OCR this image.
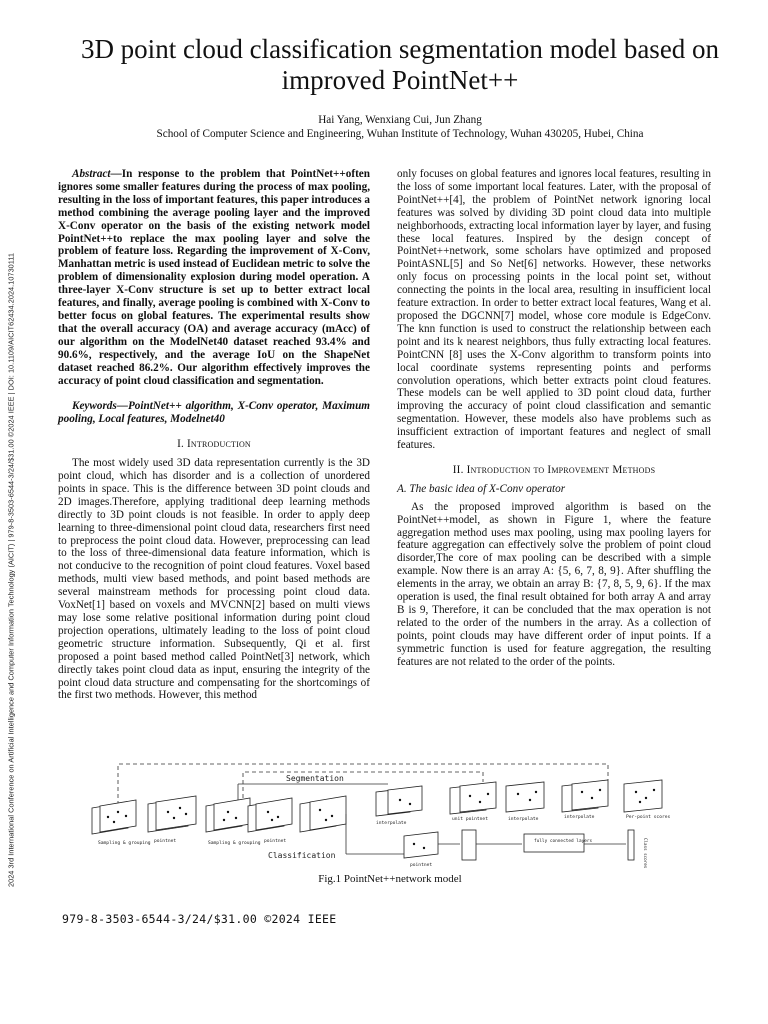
2024 3rd International Conference on Artificial Intelligence and Computer Information Technology (AICIT) | 979-8-3503-6544-3/24/$31.00 ©2024 IEEE | DOI: 10.1109/AICIT62434.2024.10730111
3D point cloud classification segmentation model based on
improved PointNet++
Hai Yang, Wenxiang Cui, Jun Zhang
School of Computer Science and Engineering, Wuhan Institute of Technology, Wuhan 430205, Hubei, China

Abstract—In response to the problem that PointNet++often ignores some smaller features during the process of max pooling, resulting in the loss of important features, this paper introduces a method combining the average pooling layer and the improved X-Conv operator on the basis of the existing network model PointNet++to replace the max pooling layer and solve the problem of feature loss. Regarding the improvement of X-Conv, Manhattan metric is used instead of Euclidean metric to solve the problem of dimensionality explosion during model operation. A three-layer X-Conv structure is set up to better extract local features, and finally, average pooling is combined with X-Conv to better focus on global features. The experimental results show that the overall accuracy (OA) and average accuracy (mAcc) of our algorithm on the ModelNet40 dataset reached 93.4% and 90.6%, respectively, and the average IoU on the ShapeNet dataset reached 86.2%. Our algorithm effectively improves the accuracy of point cloud classification and segmentation.

Keywords—PointNet++ algorithm, X-Conv operator, Maximum pooling, Local features, Modelnet40

I. Introduction

The most widely used 3D data representation currently is the 3D point cloud, which has disorder and is a collection of unordered points in space. This is the difference between 3D point clouds and 2D images.Therefore, applying traditional deep learning methods directly to 3D point clouds is not feasible. In order to apply deep learning to three-dimensional point cloud data, researchers first need to preprocess the point cloud data. However, preprocessing can lead to the loss of three-dimensional data feature information, which is not conducive to the recognition of point cloud features. Voxel based methods, multi view based methods, and point based methods are several mainstream methods for processing point cloud data. VoxNet[1] based on voxels and MVCNN[2] based on multi views may lose some relative positional information during point cloud projection operations, ultimately leading to the loss of point cloud geometric structure information. Subsequently, Qi et al. first proposed a point based method called PointNet[3] network, which directly takes point cloud data as input, ensuring the integrity of the point cloud data structure and compensating for the shortcomings of the first two methods. However, this method

only focuses on global features and ignores local features, resulting in the loss of some important local features. Later, with the proposal of PointNet++[4], the problem of PointNet network ignoring local features was solved by dividing 3D point cloud data into multiple neighborhoods, extracting local information layer by layer, and fusing these local features. Inspired by the design concept of PointNet++network, some scholars have optimized and proposed PointASNL[5] and So Net[6] networks. However, these networks only focus on processing points in the local point set, without connecting the points in the local area, resulting in insufficient local feature extraction. In order to better extract local features, Wang et al. proposed the DGCNN[7] model, whose core module is EdgeConv. The knn function is used to construct the relationship between each point and its k nearest neighbors, thus fully extracting local features. PointCNN [8] uses the X-Conv algorithm to transform points into local coordinate systems representing points and performs convolution operations, which better extracts point cloud features. These models can be well applied to 3D point cloud data, further improving the accuracy of point cloud classification and semantic segmentation. However, these models also have problems such as insufficient extraction of important features and neglect of small features.

II. Introduction to Improvement Methods
A. The basic idea of X-Conv operator

As the proposed improved algorithm is based on the PointNet++model, as shown in Figure 1, where the feature aggregation method uses max pooling, using max pooling layers for feature aggregation can effectively solve the problem of point cloud disorder,The core of max pooling can be described with a simple example. Now there is an array A: {5, 6, 7, 8, 9}. After shuffling the elements in the array, we obtain an array B: {7, 8, 5, 9, 6}. If the max operation is used, the final result obtained for both array A and array B is 9, Therefore, it can be concluded that the max operation is not related to the order of the numbers in the array. As a collection of points, point clouds may have different order of input points. If a symmetric function is used for feature aggregation, the resulting features are not related to the order of the points.

Segmentation
Sampling & grouping pointnet	Sampling & grouping pointnet
Classification
fully connected layers	Class scores
pointnet
interpolate
unit pointnet	interpolate	interpolate	Per-point scores
Fig.1 PointNet++network model
979-8-3503-6544-3/24/$31.00 ©2024 IEEE
